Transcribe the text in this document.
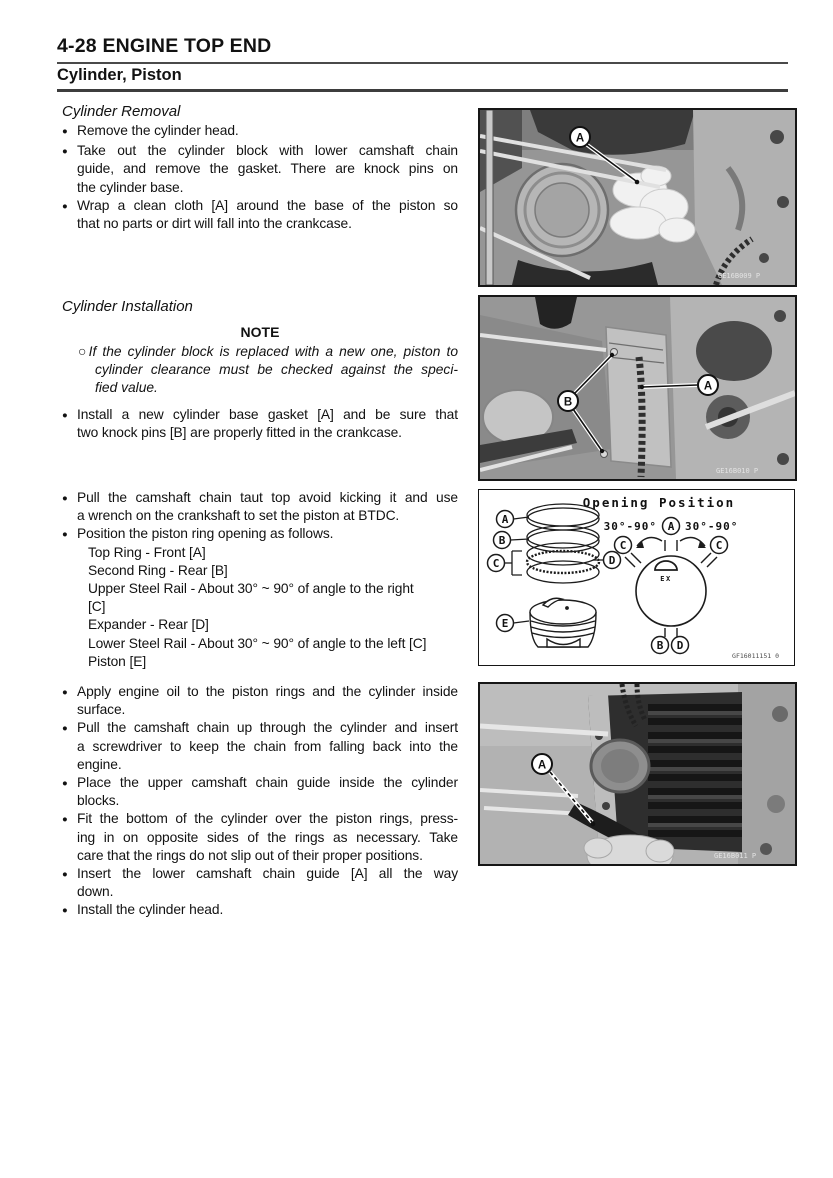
4-28 ENGINE TOP END
Cylinder, Piston
Cylinder Removal
●
Remove the cylinder head.
●
Take out the cylinder block with lower camshaft chain
guide, and remove the gasket. There are knock pins on
the cylinder base.
●
Wrap a clean cloth [A] around the base of the piston so
that no parts or dirt will fall into the crankcase.
Cylinder Installation
NOTE
○If the cylinder block is replaced with a new one, piston to
cylinder clearance must be checked against the speci-
fied value.
●
Install a new cylinder base gasket [A] and be sure that
two knock pins [B] are properly fitted in the crankcase.
●
Pull the camshaft chain taut top avoid kicking it and use
a wrench on the crankshaft to set the piston at BTDC.
●
Position the piston ring opening as follows.
Top Ring - Front [A]
Second Ring - Rear [B]
Upper Steel Rail - About 30° ~ 90° of angle to the right
[C]
Expander - Rear [D]
Lower Steel Rail - About 30° ~ 90° of angle to the left [C]
Piston [E]
●
Apply engine oil to the piston rings and the cylinder inside
surface.
●
Pull the camshaft chain up through the cylinder and insert
a screwdriver to keep the chain from falling back into the
engine.
●
Place the upper camshaft chain guide inside the cylinder
blocks.
●
Fit the bottom of the cylinder over the piston rings, press-
ing in on opposite sides of the rings as necessary. Take
care that the rings do not slip out of their proper positions.
●
Insert the lower camshaft chain guide [A] all the way
down.
●
Install the cylinder head.
A
GE16B009 P
B
A
GE16B010 P
Opening Position
A
B
C	D
E
30°-90°	30°-90°
EX
A
C	C
B D
GF16011151 0
A
GE16B011 P
